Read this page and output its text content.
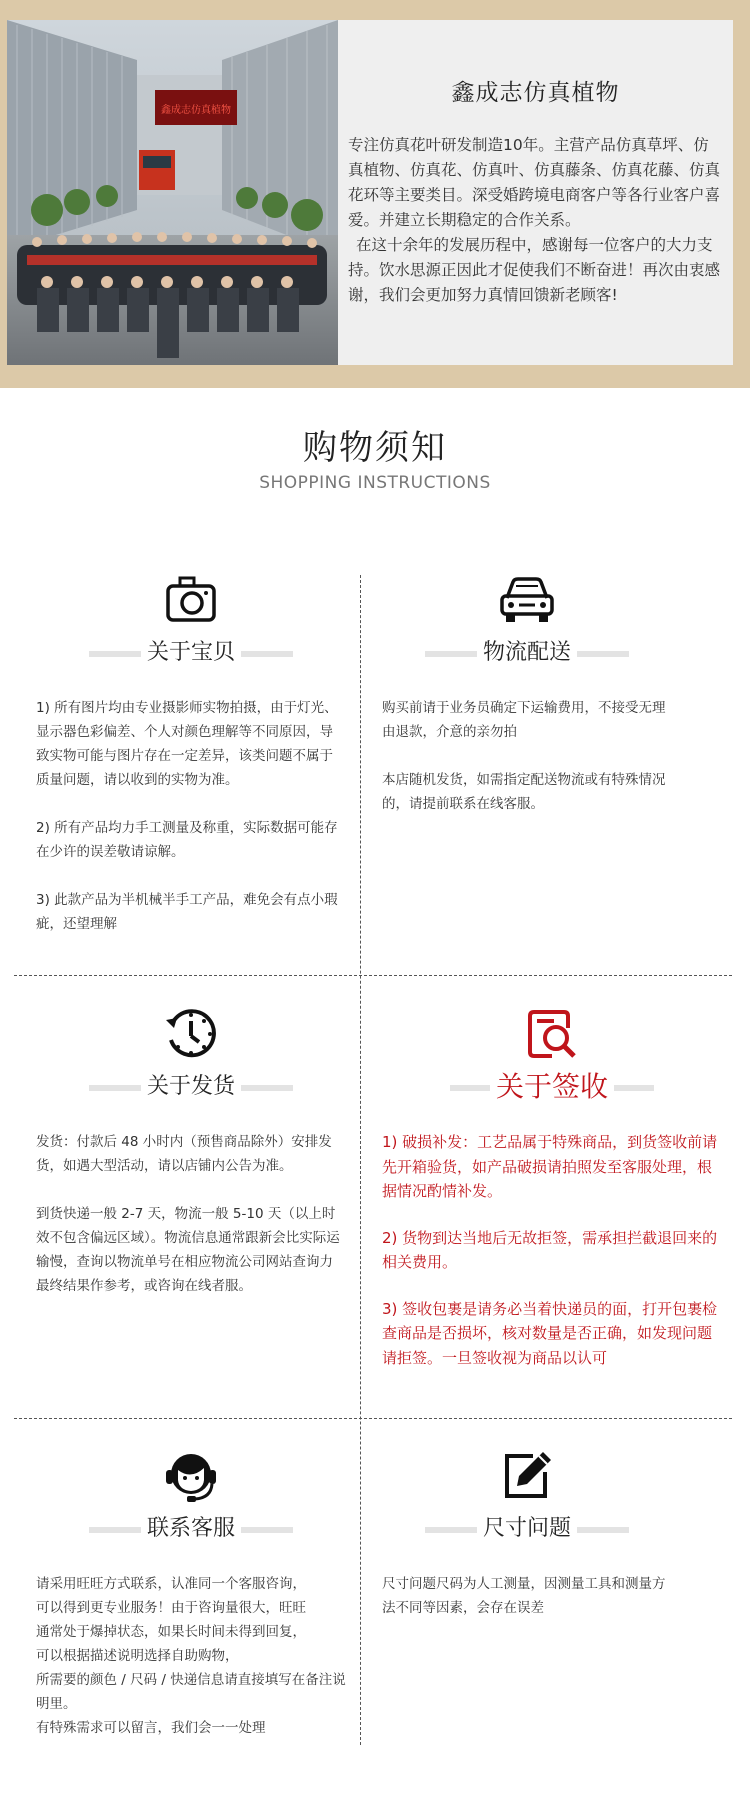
鑫成志仿真植物
鑫成志仿真植物

专注仿真花叶研发制造10年。主营产品仿真草坪、仿真植物、仿真花、仿真叶、仿真藤条、仿真花藤、仿真花环等主要类目。深受婚跨境电商客户等各行业客户喜爱。并建立长期稳定的合作关系。

在这十余年的发展历程中，感谢每一位客户的大力支持。饮水思源正因此才促使我们不断奋进！再次由衷感谢，我们会更加努力真情回馈新老顾客!

购物须知
SHOPPING INSTRUCTIONS
关于宝贝

1) 所有图片均由专业摄影师实物拍摄，由于灯光、显示器色彩偏差、个人对颜色理解等不同原因，导致实物可能与图片存在一定差异，该类问题不属于质量问题，请以收到的实物为准。

2) 所有产品均力手工测量及称重，实际数据可能存在少许的误差敬请谅解。

3) 此款产品为半机械半手工产品，难免会有点小瑕疵，还望理解

物流配送

购买前请于业务员确定下运输费用，不接受无理由退款，介意的亲勿拍

本店随机发货，如需指定配送物流或有特殊情况的，请提前联系在线客服。

关于发货

发货：付款后 48 小时内（预售商品除外）安排发货，如遇大型活动，请以店铺内公告为准。

到货快递一般 2-7 天，物流一般 5-10 天（以上时效不包含偏远区域）。物流信息通常跟新会比实际运输慢，查询以物流单号在相应物流公司网站查询力最终结果作参考，或咨询在线者服。

关于签收

1) 破损补发：工艺品属于特殊商品，到货签收前请先开箱验货，如产品破损请拍照发至客服处理，根据情况酌情补发。

2) 货物到达当地后无故拒签，需承担拦截退回来的相关费用。

3) 签收包裹是请务必当着快递员的面，打开包裹检查商品是否损坏，核对数量是否正确，如发现问题请拒签。一旦签收视为商品以认可

联系客服

请采用旺旺方式联系，认准同一个客服咨询，

可以得到更专业服务！由于咨询量很大，旺旺

通常处于爆掉状态，如果长时间未得到回复，

可以根据描述说明选择自助购物，

所需要的颜色 / 尺码 / 快递信息请直接填写在备注说明里。

有特殊需求可以留言，我们会一一处理

尺寸问题

尺寸问题尺码为人工测量，因测量工具和测量方法不同等因素，会存在误差
